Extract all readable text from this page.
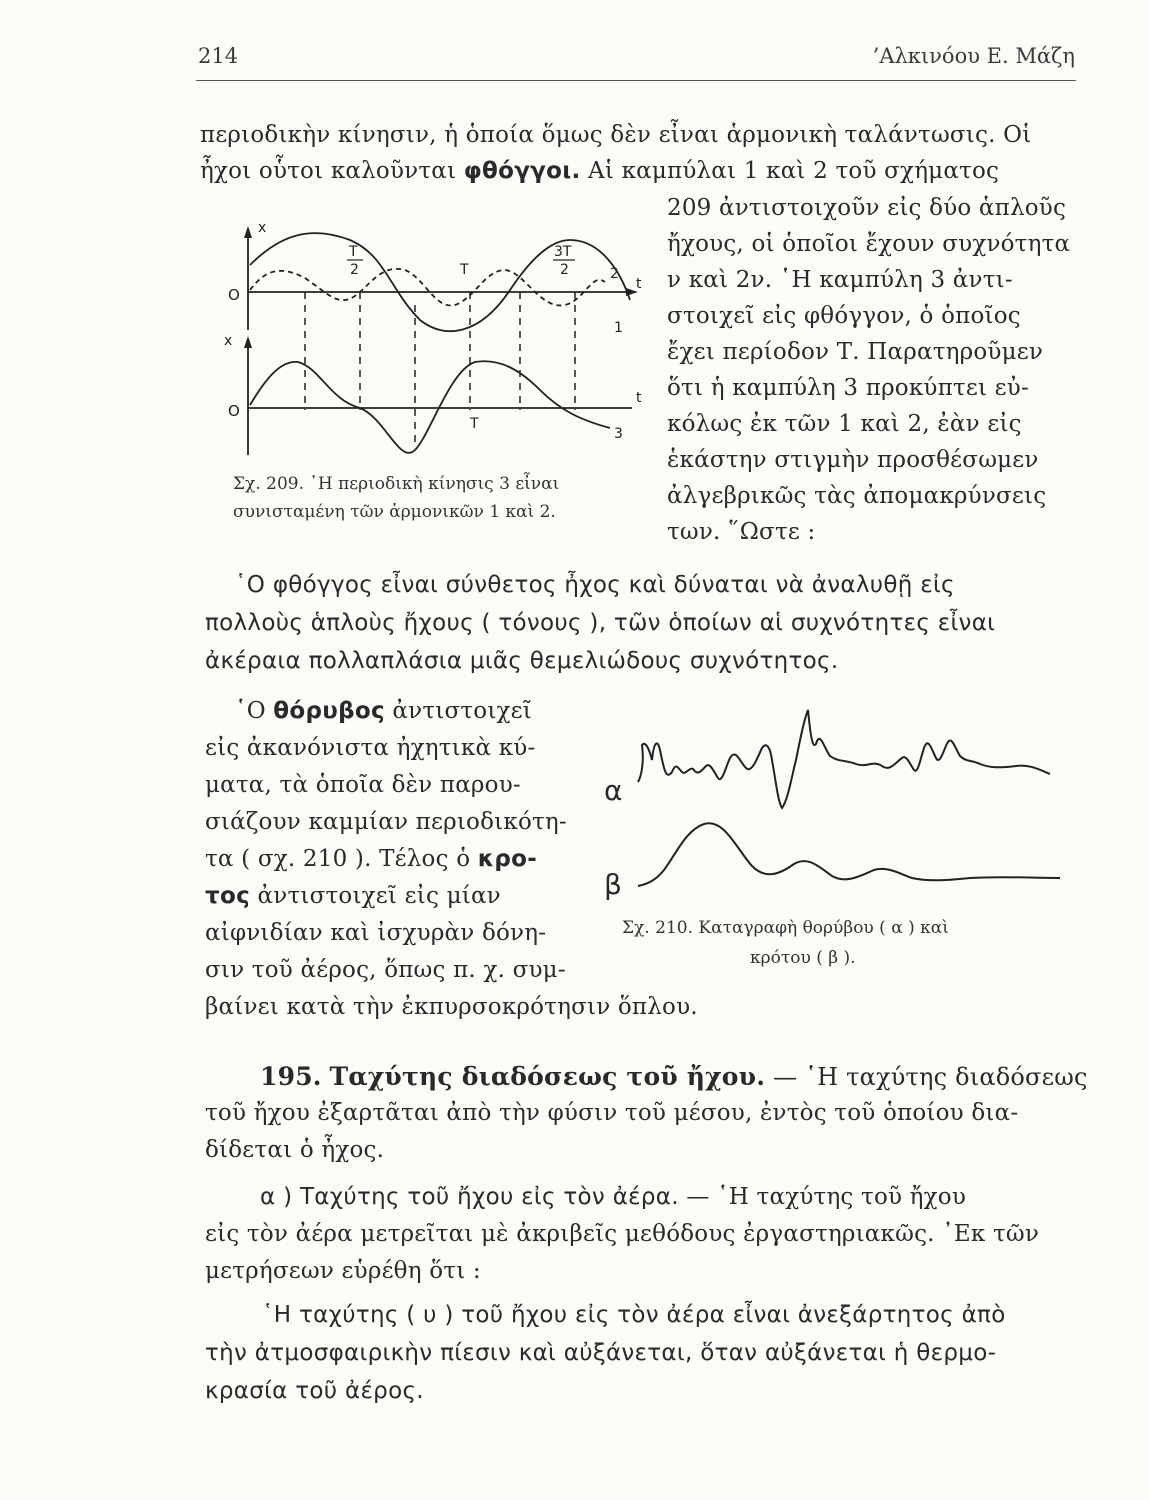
214	’Αλκινόου Ε. Μάζη
περιοδικὴν κίνησιν, ἡ ὁποία ὅμως δὲν εἶναι ἁρμονικὴ ταλάντωσις. Οἱ
ἦχοι οὗτοι καλοῦνται φθόγγοι. Αἱ καμπύλαι 1 καὶ 2 τοῦ σχήματος
209 ἀντιστοιχοῦν εἰς δύο ἁπλοῦς
ἤχους, οἱ ὁποῖοι ἔχουν συχνότητα
ν καὶ 2ν. ῾Η καμπύλη 3 ἀντι-
στοιχεῖ εἰς φθόγγον, ὁ ὁποῖος
ἔχει περίοδον Τ. Παρατηροῦμεν
ὅτι ἡ καμπύλη 3 προκύπτει εὐ-
κόλως ἐκ τῶν 1 καὶ 2, ἐὰν εἰς
ἑκάστην στιγμὴν προσθέσωμεν
ἀλγεβρικῶς τὰς ἀπομακρύνσεις
των. ῞Ωστε :
x
O
t
T
2	T
3T
2	2
1
x
O
t
T
3
Σχ. 209. ῾Η περιοδικὴ κίνησις 3 εἶναι
συνισταμένη τῶν ἁρμονικῶν 1 καὶ 2.
῾Ο φθόγγος εἶναι σύνθετος ἦχος καὶ δύναται νὰ ἀναλυθῇ εἰς
πολλοὺς ἁπλοὺς ἤχους ( τόνους ), τῶν ὁποίων αἱ συχνότητες εἶναι
ἀκέραια πολλαπλάσια μιᾶς θεμελιώδους συχνότητος.
῾Ο θόρυβος ἀντιστοιχεῖ
εἰς ἀκανόνιστα ἠχητικὰ κύ-
ματα, τὰ ὁποῖα δὲν παρου-
σιάζουν καμμίαν περιοδικότη-
τα ( σχ. 210 ). Τέλος ὁ κρο-
τος ἀντιστοιχεῖ εἰς μίαν
αἰφνιδίαν καὶ ἰσχυρὰν δόνη-
σιν τοῦ ἀέρος, ὅπως π. χ. συμ-
βαίνει κατὰ τὴν ἐκπυρσοκρότησιν ὅπλου.
α
β
Σχ. 210. Καταγραφὴ θορύβου ( α ) καὶ
κρότου ( β ).
195. Ταχύτης διαδόσεως τοῦ ἤχου. — ῾Η ταχύτης διαδόσεως
τοῦ ἤχου ἐξαρτᾶται ἀπὸ τὴν φύσιν τοῦ μέσου, ἐντὸς τοῦ ὁποίου δια-
δίδεται ὁ ἦχος.
α ) Ταχύτης τοῦ ἤχου εἰς τὸν ἀέρα. — ῾Η ταχύτης τοῦ ἤχου
εἰς τὸν ἀέρα μετρεῖται μὲ ἀκριβεῖς μεθόδους ἐργαστηριακῶς. ᾿Εκ τῶν
μετρήσεων εὑρέθη ὅτι :
῾Η ταχύτης ( υ ) τοῦ ἤχου εἰς τὸν ἀέρα εἶναι ἀνεξάρτητος ἀπὸ
τὴν ἀτμοσφαιρικὴν πίεσιν καὶ αὐξάνεται, ὅταν αὐξάνεται ἡ θερμο-
κρασία τοῦ ἀέρος.
